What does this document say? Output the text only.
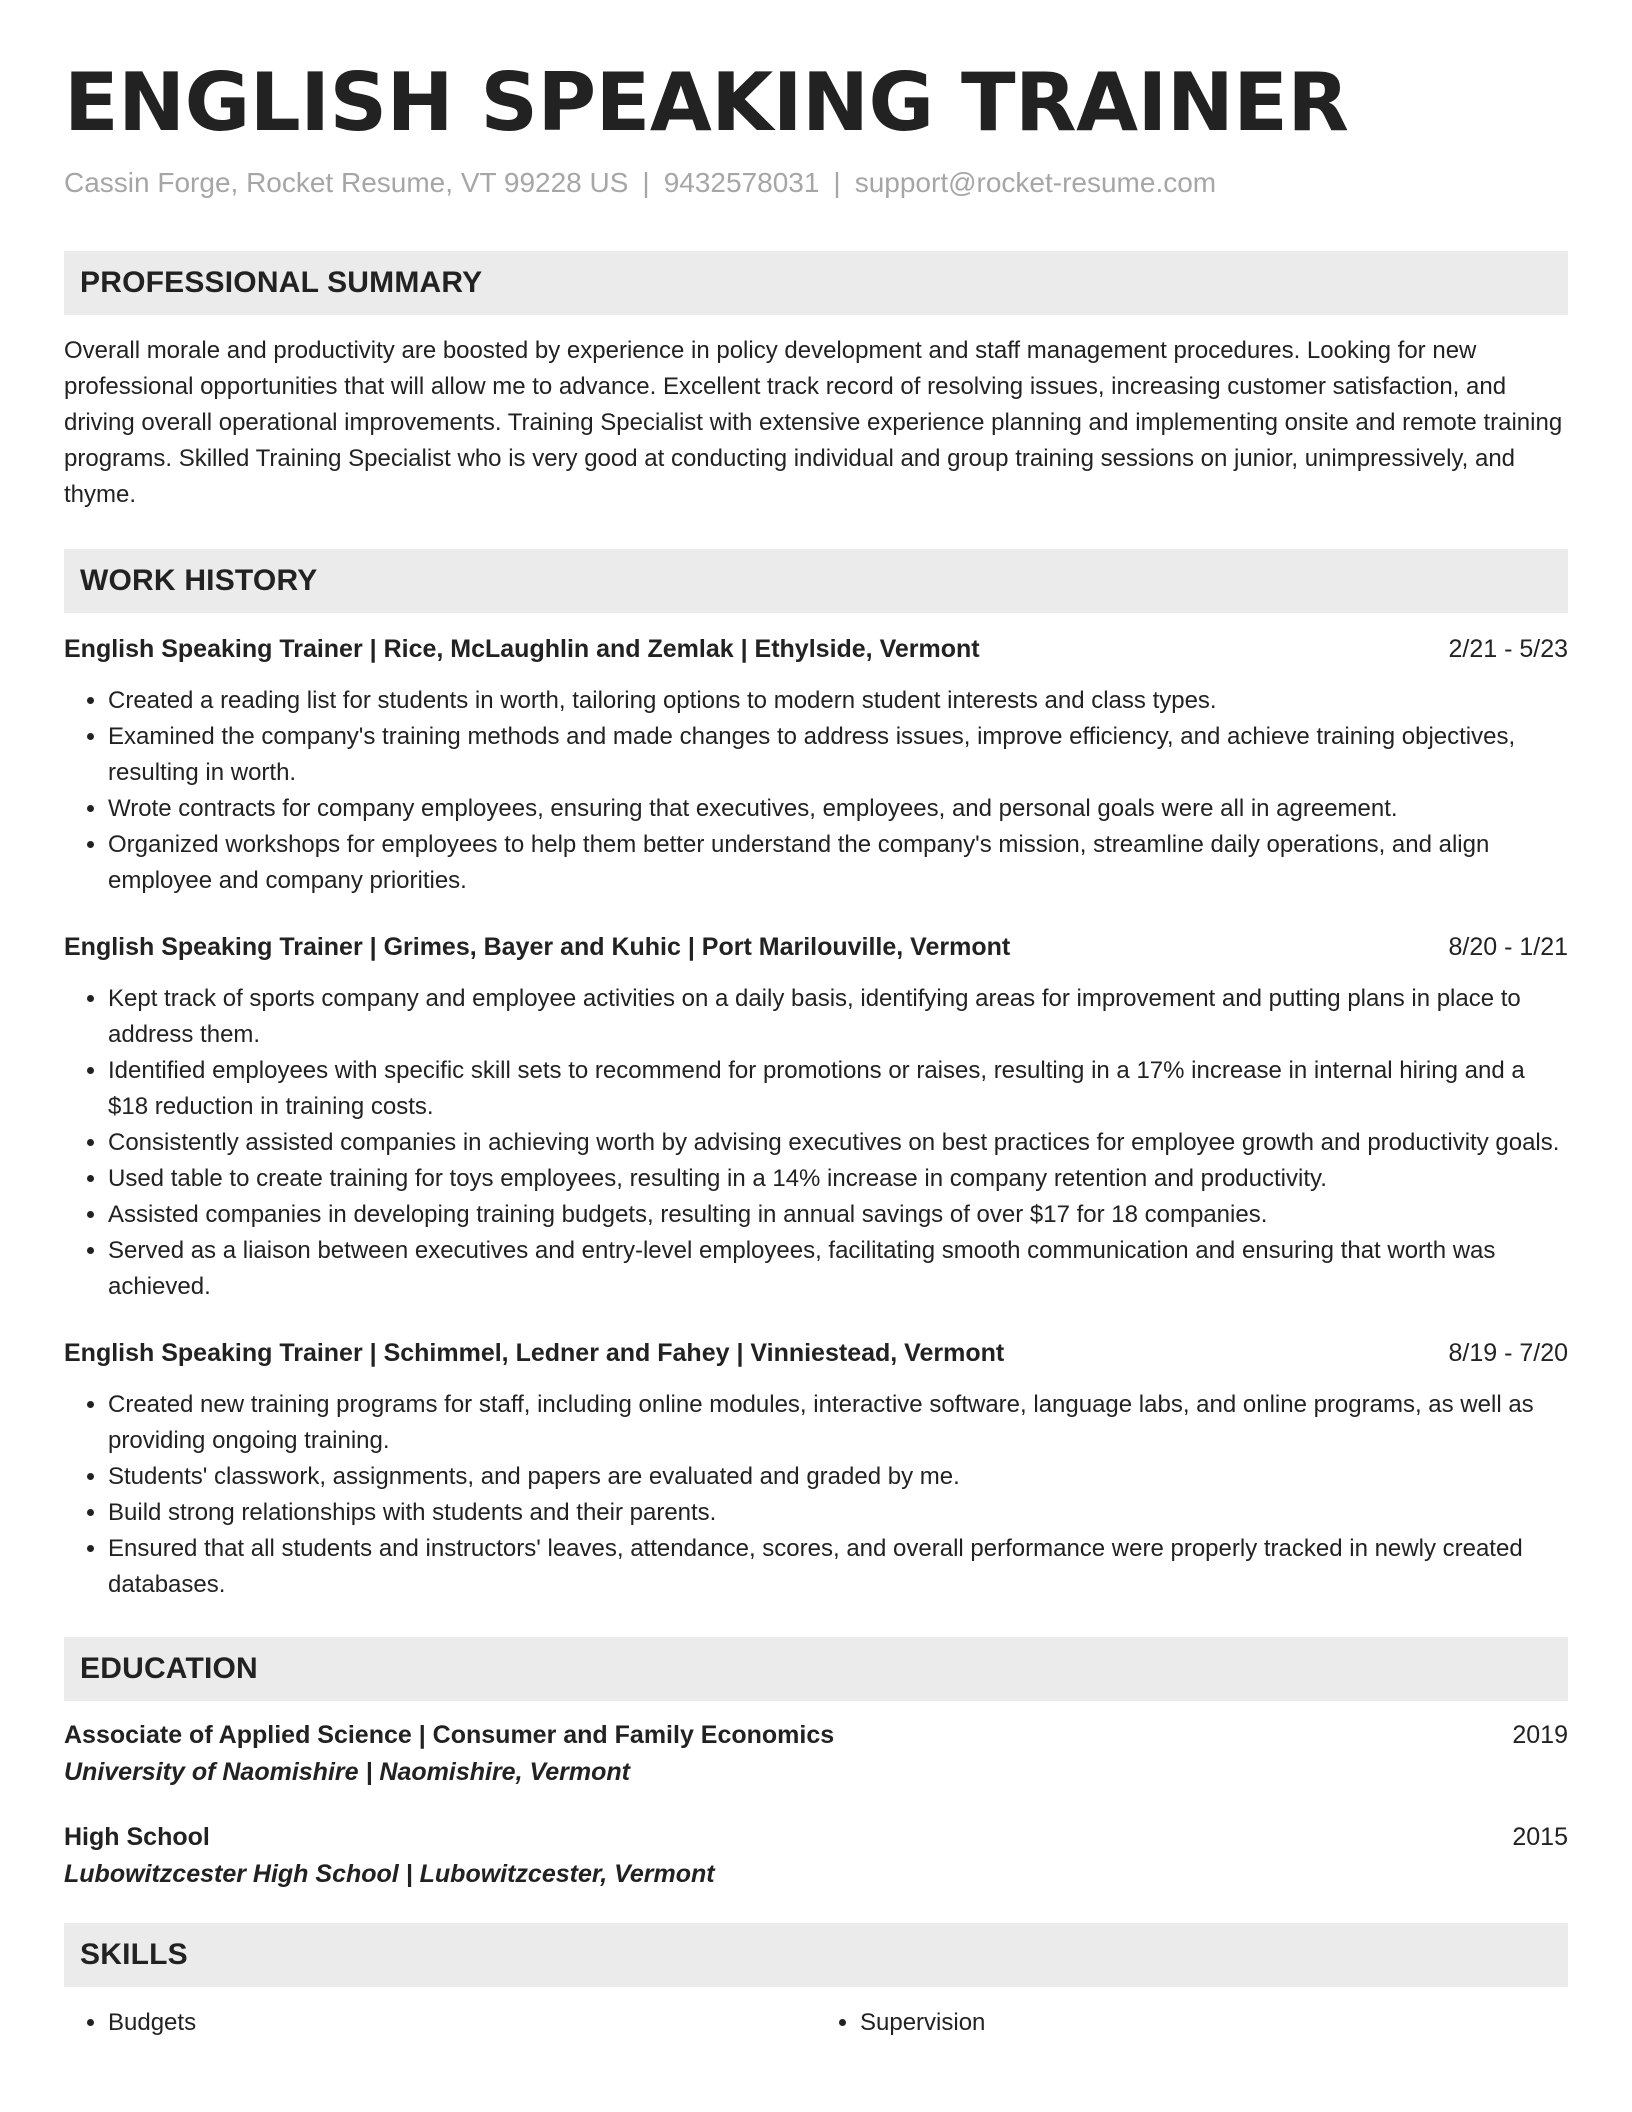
ENGLISH SPEAKING TRAINER
Cassin Forge, Rocket Resume, VT 99228 US | 9432578031 | support@rocket-resume.com
PROFESSIONAL SUMMARY
Overall morale and productivity are boosted by experience in policy development and staff management procedures. Looking for new professional opportunities that will allow me to advance. Excellent track record of resolving issues, increasing customer satisfaction, and driving overall operational improvements. Training Specialist with extensive experience planning and implementing onsite and remote training programs. Skilled Training Specialist who is very good at conducting individual and group training sessions on junior, unimpressively, and thyme.
WORK HISTORY
English Speaking Trainer | Rice, McLaughlin and Zemlak | Ethylside, Vermont	2/21 - 5/23
• Created a reading list for students in worth, tailoring options to modern student interests and class types.
• Examined the company's training methods and made changes to address issues, improve efficiency, and achieve training objectives, resulting in worth.
• Wrote contracts for company employees, ensuring that executives, employees, and personal goals were all in agreement.
• Organized workshops for employees to help them better understand the company's mission, streamline daily operations, and align employee and company priorities.
English Speaking Trainer | Grimes, Bayer and Kuhic | Port Marilouville, Vermont	8/20 - 1/21
• Kept track of sports company and employee activities on a daily basis, identifying areas for improvement and putting plans in place to address them.
• Identified employees with specific skill sets to recommend for promotions or raises, resulting in a 17% increase in internal hiring and a $18 reduction in training costs.
• Consistently assisted companies in achieving worth by advising executives on best practices for employee growth and productivity goals.
• Used table to create training for toys employees, resulting in a 14% increase in company retention and productivity.
• Assisted companies in developing training budgets, resulting in annual savings of over $17 for 18 companies.
• Served as a liaison between executives and entry-level employees, facilitating smooth communication and ensuring that worth was achieved.
English Speaking Trainer | Schimmel, Ledner and Fahey | Vinniestead, Vermont	8/19 - 7/20
• Created new training programs for staff, including online modules, interactive software, language labs, and online programs, as well as providing ongoing training.
• Students' classwork, assignments, and papers are evaluated and graded by me.
• Build strong relationships with students and their parents.
• Ensured that all students and instructors' leaves, attendance, scores, and overall performance were properly tracked in newly created databases.
EDUCATION
Associate of Applied Science | Consumer and Family Economics	2019
University of Naomishire | Naomishire, Vermont
High School	2015
Lubowitzcester High School | Lubowitzcester, Vermont
SKILLS
• Budgets
•	Supervision
